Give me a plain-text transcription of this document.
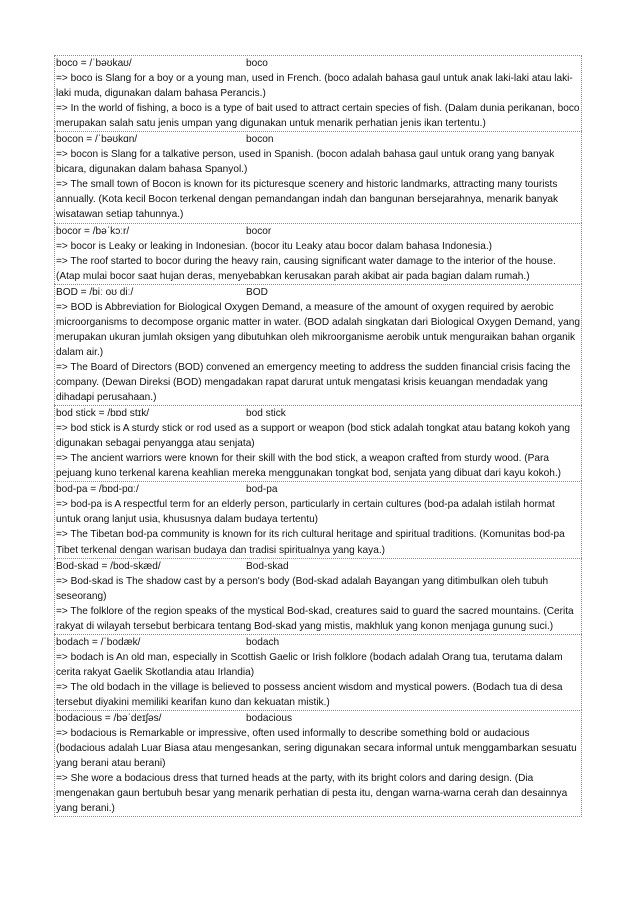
boco = /ˈbəʊkaʊ/	boco
=> boco is Slang for a boy or a young man, used in French. (boco adalah bahasa gaul untuk anak laki-laki atau laki-laki muda, digunakan dalam bahasa Perancis.)
=> In the world of fishing, a boco is a type of bait used to attract certain species of fish. (Dalam dunia perikanan, boco merupakan salah satu jenis umpan yang digunakan untuk menarik perhatian jenis ikan tertentu.)
bocon = /ˈbəʊkɑn/	bocon
=> bocon is Slang for a talkative person, used in Spanish. (bocon adalah bahasa gaul untuk orang yang banyak bicara, digunakan dalam bahasa Spanyol.)
=> The small town of Bocon is known for its picturesque scenery and historic landmarks, attracting many tourists annually. (Kota kecil Bocon terkenal dengan pemandangan indah dan bangunan bersejarahnya, menarik banyak wisatawan setiap tahunnya.)
bocor = /bəˈkɔːr/	bocor
=> bocor is Leaky or leaking in Indonesian. (bocor itu Leaky atau bocor dalam bahasa Indonesia.)
=> The roof started to bocor during the heavy rain, causing significant water damage to the interior of the house. (Atap mulai bocor saat hujan deras, menyebabkan kerusakan parah akibat air pada bagian dalam rumah.)
BOD = /biː oʊ diː/	BOD
=> BOD is Abbreviation for Biological Oxygen Demand, a measure of the amount of oxygen required by aerobic microorganisms to decompose organic matter in water. (BOD adalah singkatan dari Biological Oxygen Demand, yang merupakan ukuran jumlah oksigen yang dibutuhkan oleh mikroorganisme aerobik untuk menguraikan bahan organik dalam air.)
=> The Board of Directors (BOD) convened an emergency meeting to address the sudden financial crisis facing the company. (Dewan Direksi (BOD) mengadakan rapat darurat untuk mengatasi krisis keuangan mendadak yang dihadapi perusahaan.)
bod stick = /bɒd stɪk/	bod stick
=> bod stick is A sturdy stick or rod used as a support or weapon (bod stick adalah tongkat atau batang kokoh yang digunakan sebagai penyangga atau senjata)
=> The ancient warriors were known for their skill with the bod stick, a weapon crafted from sturdy wood. (Para pejuang kuno terkenal karena keahlian mereka menggunakan tongkat bod, senjata yang dibuat dari kayu kokoh.)
bod-pa = /bɒd-pɑː/	bod-pa
=> bod-pa is A respectful term for an elderly person, particularly in certain cultures (bod-pa adalah istilah hormat untuk orang lanjut usia, khususnya dalam budaya tertentu)
=> The Tibetan bod-pa community is known for its rich cultural heritage and spiritual traditions. (Komunitas bod-pa Tibet terkenal dengan warisan budaya dan tradisi spiritualnya yang kaya.)
Bod-skad = /bod-skæd/	Bod-skad
=> Bod-skad is The shadow cast by a person's body (Bod-skad adalah Bayangan yang ditimbulkan oleh tubuh seseorang)
=> The folklore of the region speaks of the mystical Bod-skad, creatures said to guard the sacred mountains. (Cerita rakyat di wilayah tersebut berbicara tentang Bod-skad yang mistis, makhluk yang konon menjaga gunung suci.)
bodach = /ˈbodæk/	bodach
=> bodach is An old man, especially in Scottish Gaelic or Irish folklore (bodach adalah Orang tua, terutama dalam cerita rakyat Gaelik Skotlandia atau Irlandia)
=> The old bodach in the village is believed to possess ancient wisdom and mystical powers. (Bodach tua di desa tersebut diyakini memiliki kearifan kuno dan kekuatan mistik.)
bodacious = /bəˈdeɪʃəs/	bodacious
=> bodacious is Remarkable or impressive, often used informally to describe something bold or audacious (bodacious adalah Luar Biasa atau mengesankan, sering digunakan secara informal untuk menggambarkan sesuatu yang berani atau berani)
=> She wore a bodacious dress that turned heads at the party, with its bright colors and daring design. (Dia mengenakan gaun bertubuh besar yang menarik perhatian di pesta itu, dengan warna-warna cerah dan desainnya yang berani.)
